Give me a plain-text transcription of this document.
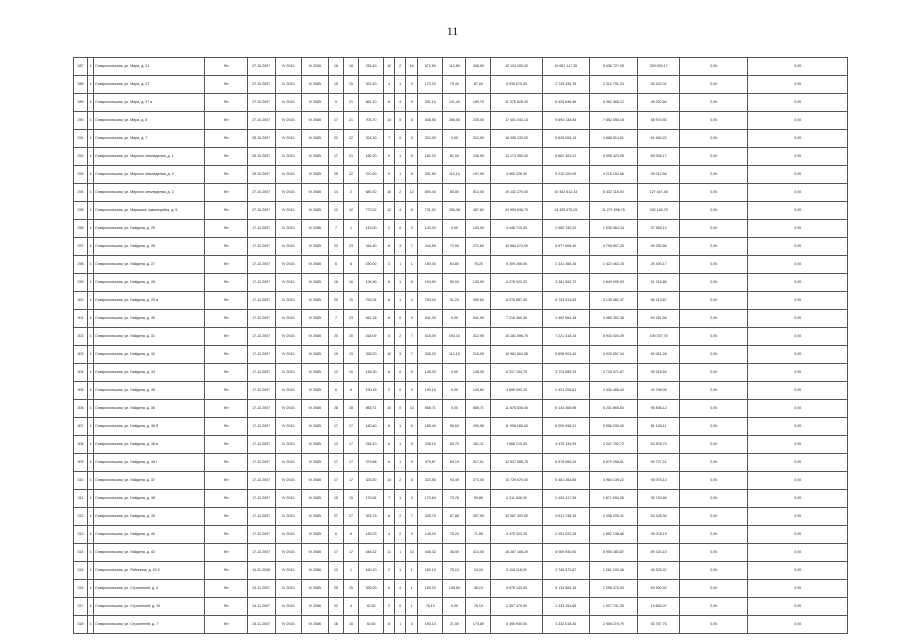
11
287	1	Ставропольская, ул. Мира, д. 21	Фл	27.10.2007	IV 2015	IV 2095	18	18	783,40	10	2	16	672,60	110,80	408,00	10 124 000,00	10 687 117,35	5 436 727,05	339 639,17	0,00	0,00
288	1	Ставропольская, ул. Мира, д. 27	Фл	27.10.2007	IV 2015	IV 2085	15	15	322,40	4	1	3	170,20	75,40	87,00	5 935 670,00	2 745 434,76	2 312 791,23	35 422,01	0,00	0,00
289	1	Ставропольская, ул. Мира, д. 27 а	Фл	27.10.2007	IV 2015	IV 2085	5	21	581,10	8	4	5	331,10	101,40	189,70	11 276 528,30	6 425 646,96	5 352 466,12	45 200,84	0,00	0,00
290	1	Ставропольская, ул. Мира, д. 5	Фл	27.10.2007	IV 2015	IV 2085	17	21	705,70	14	5	8	536,50	266,50	235,00	17 451 043,15	9 694 138,84	7 852 056,15	48 974,93	0,00	0,00
291	1	Ставропольская, ул. Мира, д. 7	Фл	25.10.2007	IV 2015	IV 2085	22	22	324,30	7	0	5	324,30	0,00	324,00	16 095 133,00	5 626 006,13	4 888 514,51	51 690,22	0,00	0,00
292	1	Ставропольская, ул. Мирного земледелия, д. 1	Фл	25.10.2007	IV 2015	IV 2085	17	21	180,20	9	1	6	182,20	81,00	246,90	13 173 350,00	6 662 403,21	5 998 423,05	83 006,17	0,00	0,00
293	1	Ставропольская, ул. Мирного земледелия, д. 2	Фл	25.10.2007	IV 2015	IV 2085	25	22	370,90	9	1	6	301,50	110,10	197,00	9 960 226,40	5 210 200,09	4 210 153,56	39 012,56	0,00	0,00
294	1	Ставропольская, ул. Мирного земледелия, д. 3	Фл	27.10.2007	IV 2015	IV 2085	14	2	680,30	16	2	12	690,40	85,80	513,00	19 142 270,00	10 452 612,43	8 432 116,93	127 447,48	0,00	0,00
295	1	Ставропольская, ул. Маршала, кавалерийск, д. 5	Фл	27.10.2007	IV 2015	IV 2085	12	42	773,02	12	4	8	731,02	256,38	487,62	24 990 636,70	13 425 475,29	11 271 698,75	292 146,75	0,00	0,00
296	1	Ставропольская, ул. Найдена, д. 25	Фл	17.12.2007	IV 2015	IV 2086	7	1	143,00	2	0	2	143,00	0,00	143,00	4 448 710,00	2 480 740,20	1 930 464,34	37 465,12	0,00	0,00
297	1	Ставропольская, ул. Найдена, д. 26	Фл	17.12.2007	IV 2015	IV 2085	23	23	344,50	8	3	7	344,59	72,90	271,60	10 864 074,00	5 977 606,49	4 795 807,25	90 250,86	0,00	0,00
298	1	Ставропольская, ул. Найдена, д. 27	Фл	17.12.2007	IV 2015	IV 2085	6	6	150,00	3	1	1	150,00	64,80	78,20	5 309 256,00	2 341 465,18	1 422 462,25	25 400,17	0,00	0,00
299	1	Ставропольская, ул. Найдена, д. 28	Фл	17.12.2007	IV 2015	IV 2085	16	16	194,90	8	1	8	194,90	59,00	135,90	6 278 922,20	3 381 593,72	2 849 090,93	51 216,85	0,00	0,00
300	1	Ставропольская, ул. Найдена, д. 29 а	Фл	17.12.2007	IV 2015	IV 2085	20	20	793,04	8	1	4	793,04	91,20	399,84	8 278 857,30	5 793 913,83	3 139 482,47	66 413,87	0,00	0,00
301	1	Ставропольская, ул. Найдена, д. 30	Фл	17.12.2007	IV 2015	IV 2085	7	23	541,26	8	0	3	541,30	0,00	541,00	7 216 460,30	3 492 564,48	3 465 352,38	63 261,58	0,00	0,00
302	1	Ставропольская, ул. Найдена, д. 31	Фл	17.12.2007	IV 2015	IV 2085	20	20	418,09	5	2	7	418,09	193,10	312,90	15 181 696,70	7 221 418,14	5 943 430,39	100 037,75	0,00	0,00
303	1	Ставропольская, ул. Найдена, д. 32	Фл	17.12.2007	IV 2015	IV 2085	19	19	328,20	10	3	7	328,20	110,15	218,05	10 961 804,55	5 896 903,40	4 929 857,04	62 061,28	0,00	0,00
304	1	Ставропольская, ул. Найдена, д. 34	Фл	17.12.2007	IV 2015	IV 2085	12	10	148,30	8	0	6	148,39	0,00	148,39	6 317 194,70	3 723 680,23	2 743 471,67	39 316,54	0,00	0,00
305	1	Ставропольская, ул. Найдена, д. 35	Фл	17.12.2007	IV 2015	IV 2085	6	6	190,15	2	0	2	190,15	0,00	140,82	4 690 092,25	2 421 206,81	2 430 486,44	34 798,05	0,00	0,00
306	1	Ставропольская, ул. Найдена, д. 36	Фл	17.12.2007	IV 2015	IV 2085	28	28	565,71	10	0	10	565,71	0,00	565,71	11 675 836,40	6 144 306,98	5 231 665,60	95 806,12	0,00	0,00
307	1	Ставропольская, ул. Найдена, д. 36 б	Фл	17.12.2007	IV 2015	IV 2085	17	17	180,40	8	1	6	180,40	96,60	209,96	11 998 165,00	6 000 998,21	5 556 200,00	81 106,11	0,00	0,00
308	1	Ставропольская, ул. Найдена, д. 36 в	Фл	17.12.2007	IV 2015	IV 2085	13	17	248,10	6	1	5	248,10	59,70	181,11	7 688 210,00	4 475 134,99	3 347 792,72	63 876,70	0,00	0,00
309	1	Ставропольская, ул. Найдена, д. 36 г	Фл	17.12.2007	IV 2015	IV 2085	17	17	379,86	6	1	5	379,87	63,19	317,01	12 537 085,70	6 575 980,04	5 879 298,51	90 727,41	0,00	0,00
310	1	Ставропольская, ул. Найдена, д. 37	Фл	17.12.2007	IV 2015	IV 2085	17	17	323,50	14	2	8	323,50	94,49	273,00	10 729 670,00	5 481 454,65	4 960 139,22	93 076,13	0,00	0,00
311	1	Ставропольская, ул. Найдена, д. 38	Фл	17.12.2007	IV 2015	IV 2085	15	15	170,64	7	1	2	170,64	70,78	99,86	4 311 846,00	2 404 417,95	1 871 694,05	35 743,56	0,00	0,00
312	1	Ставропольская, ул. Найдена, д. 39	Фл	17.12.2007	IV 2015	IV 2085	27	27	325,79	8	2	7	325,79	67,86	257,90	10 067 493,50	5 611 748,15	4 398 295,41	83 428,34	0,00	0,00
313	1	Ставропольская, ул. Найдена, д. 40	Фл	17.12.2007	IV 2015	IV 2085	6	6	145,03	4	2	2	145,03	75,24	71,85	4 379 323,30	2 251 022,26	1 887 138,86	35 078,19	0,00	0,00
314	1	Ставропольская, ул. Найдена, д. 42	Фл	17.12.2007	IV 2015	IV 2085	17	17	446,32	11	1	10	446,32	38,00	413,00	16 287 166,20	8 069 540,00	6 950 383,87	89 324,10	0,00	0,00
315	1	Ставропольская, ул. Рябинина, д. 15 б	Фл	14.02.2008	IV 2015	IV 2086	13	1	160,10	2	1	1	160,10	75,10	24,00	5 118 118,00	2 746 573,87	1 281 100,06	26 325,37	0,00	0,00
316	1	Ставропольская, ул. Строителей, д. 5	Фл	24.11.2007	IV 2015	IV 2085	25	25	539,00	5	4	1	150,20	145,50	46,10	9 978 143,00	5 134 564,16	7 296 470,00	63 900,92	0,00	0,00
317	1	Ставропольская, ул. Строителей, д. 10	Фл	24.11.2007	IV 2015	IV 2086	32	4	42,50	2	0	1	76,10	0,00	76,10	2 307 470,00	1 233 154,65	1 927 741,05	19 654,07	0,00	0,00
318	1	Ставропольская, ул. Строителей, д. 7	Фл	24.11.2007	IV 2015	IV 2086	16	16	42,60	8	1	3	193,10	21,00	174,80	6 495 940,00	3 332 018,45	2 908 219,79	53 767,76	0,00	0,00
